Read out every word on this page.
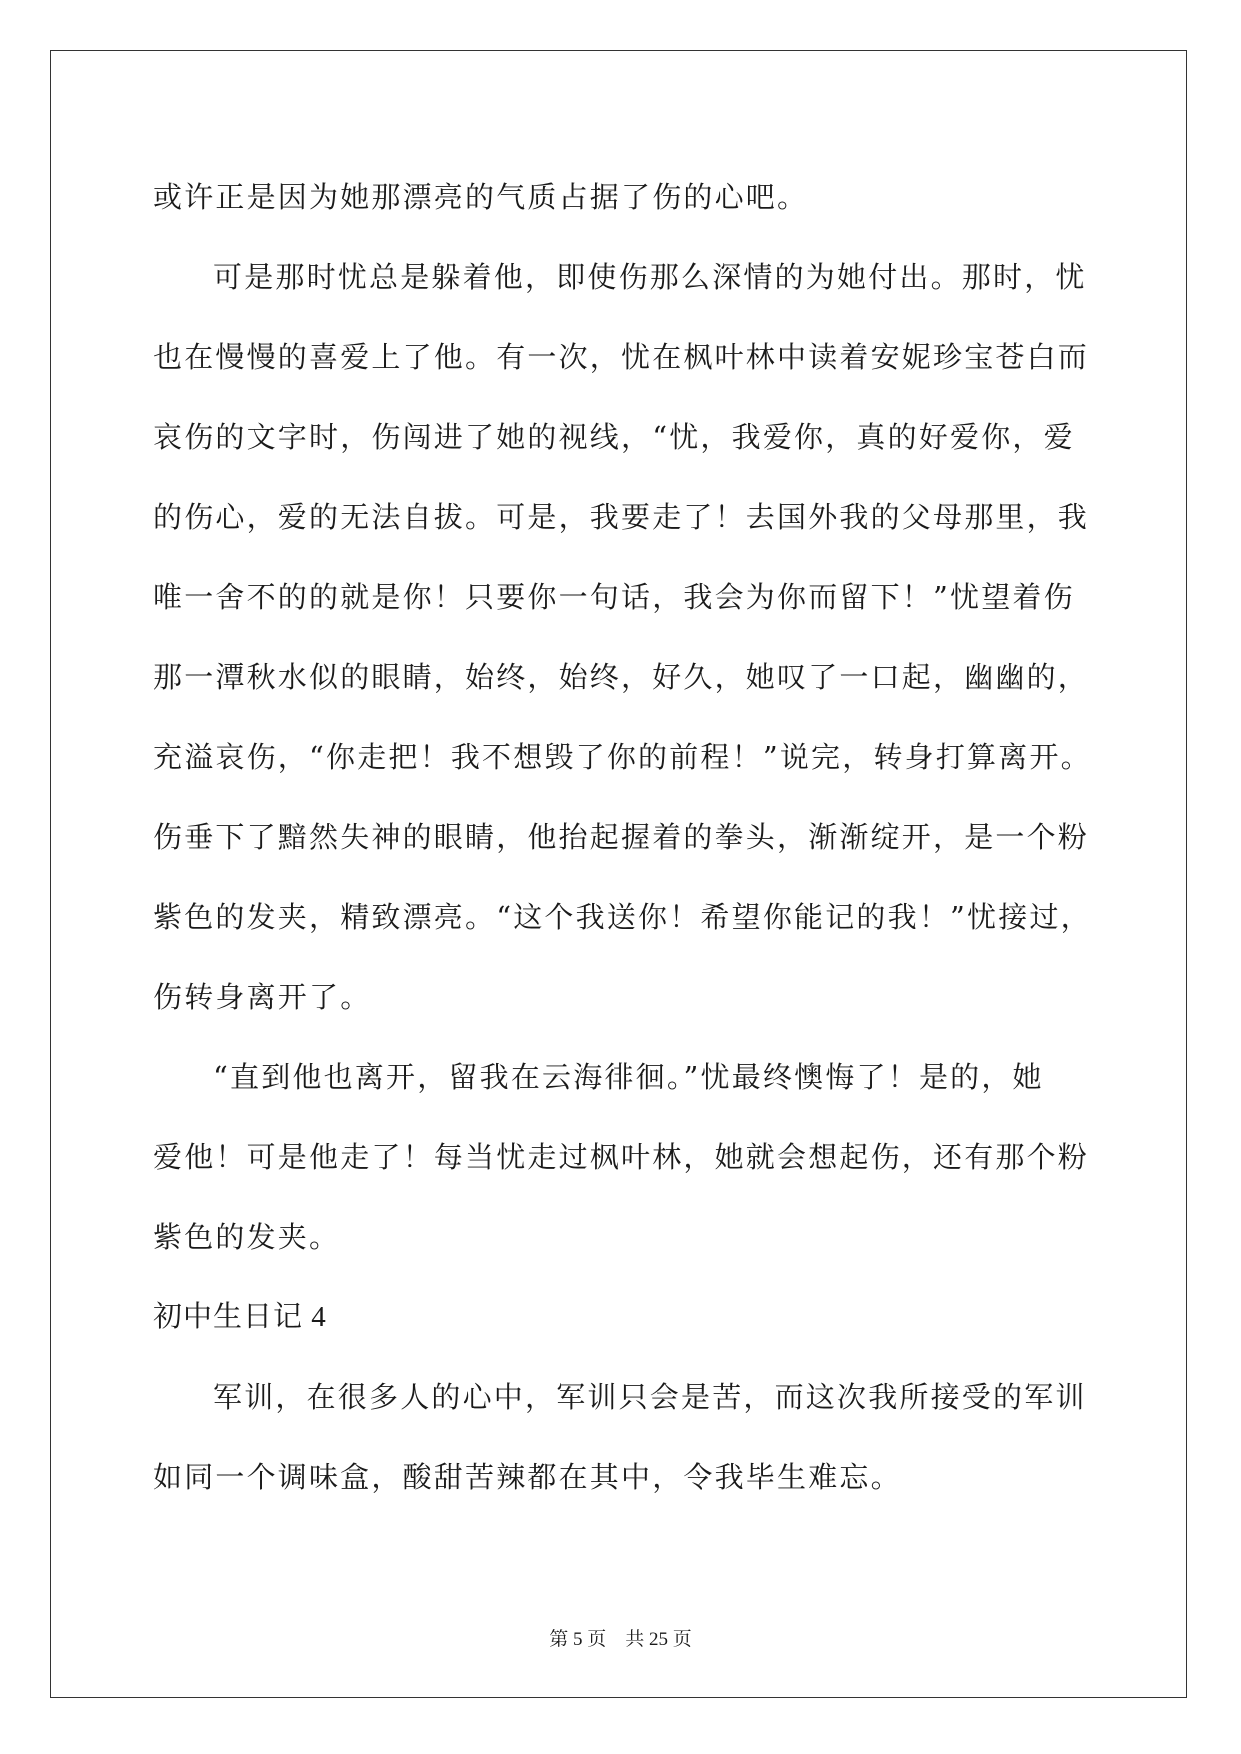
或许正是因为她那漂亮的气质占据了伤的心吧。
可是那时忧总是躲着他，即使伤那么深情的为她付出。那时，忧
也在慢慢的喜爱上了他。有一次，忧在枫叶林中读着安妮珍宝苍白而
哀伤的文字时，伤闯进了她的视线，“忧，我爱你，真的好爱你，爱
的伤心，爱的无法自拔。可是，我要走了！去国外我的父母那里，我
唯一舍不的的就是你！只要你一句话，我会为你而留下！”忧望着伤
那一潭秋水似的眼睛，始终，始终，好久，她叹了一口起，幽幽的，
充溢哀伤，“你走把！我不想毁了你的前程！”说完，转身打算离开。
伤垂下了黯然失神的眼睛，他抬起握着的拳头，渐渐绽开，是一个粉
紫色的发夹，精致漂亮。“这个我送你！希望你能记的我！”忧接过，
伤转身离开了。
“直到他也离开，留我在云海徘徊。”忧最终懊悔了！是的，她
爱他！可是他走了！每当忧走过枫叶林，她就会想起伤，还有那个粉
紫色的发夹。
初中生日记 4
军训，在很多人的心中，军训只会是苦，而这次我所接受的军训
如同一个调味盒，酸甜苦辣都在其中，令我毕生难忘。
第 5 页　共 25 页
